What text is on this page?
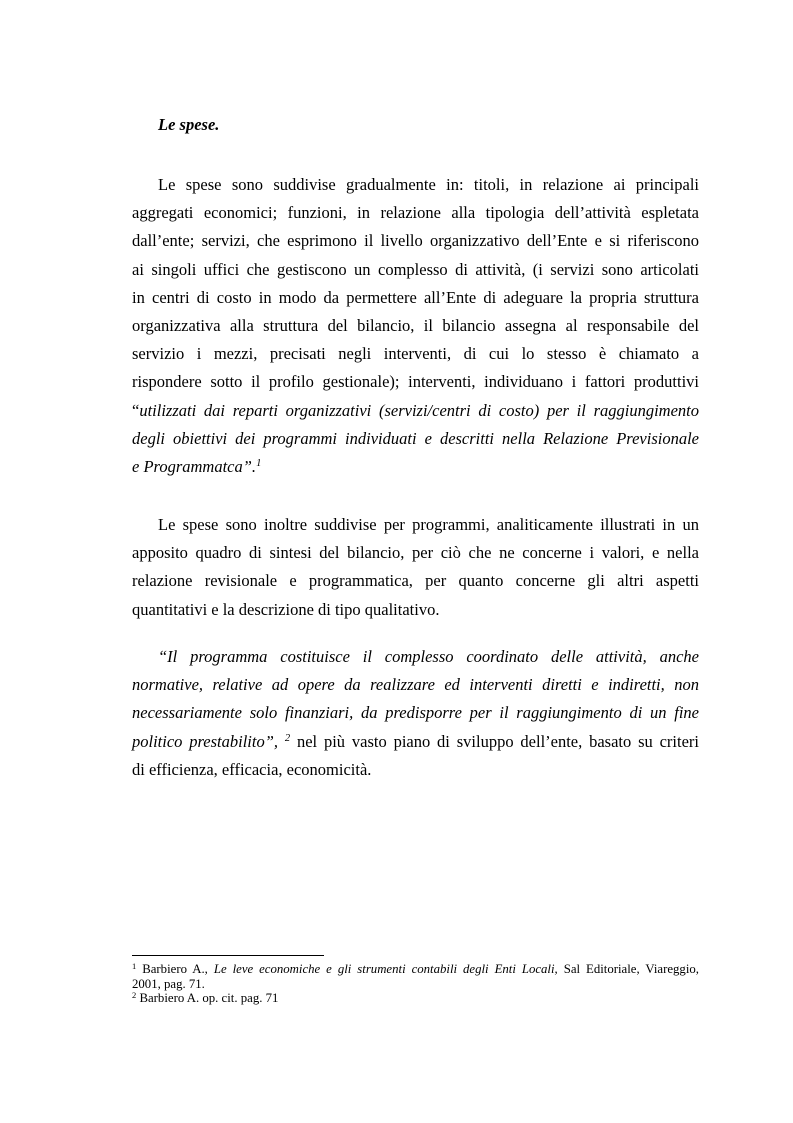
Le spese.

Le spese sono suddivise gradualmente in: titoli, in relazione ai principali
aggregati economici; funzioni, in relazione alla tipologia dell’attività espletata
dall’ente; servizi, che esprimono il livello organizzativo dell’Ente e si riferiscono
ai singoli uffici che gestiscono un complesso di attività, (i servizi sono articolati
in centri di costo in modo da permettere all’Ente di adeguare la propria struttura
organizzativa alla struttura del bilancio, il bilancio assegna al responsabile del
servizio i mezzi, precisati negli interventi, di cui lo stesso è chiamato a
rispondere sotto il profilo gestionale); interventi, individuano i fattori produttivi
“utilizzati dai reparti organizzativi (servizi/centri di costo) per il raggiungimento
degli obiettivi dei programmi individuati e descritti nella Relazione Previsionale
e Programmatca”.$^1$

Le spese sono inoltre suddivise per programmi, analiticamente illustrati in un
apposito quadro di sintesi del bilancio, per ciò che ne concerne i valori, e nella
relazione revisionale e programmatica, per quanto concerne gli altri aspetti
quantitativi e la descrizione di tipo qualitativo.

“Il programma costituisce il complesso coordinato delle attività, anche
normative, relative ad opere da realizzare ed interventi diretti e indiretti, non
necessariamente solo finanziari, da predisporre per il raggiungimento di un fine
politico prestabilito”, $^2$ nel più vasto piano di sviluppo dell’ente, basato su criteri
di efficienza, efficacia, economicità.

$^1$ Barbiero A., Le leve economiche e gli strumenti contabili degli Enti Locali, Sal Editoriale, Viareggio,
2001, pag. 71.
$^2$ Barbiero A. op. cit. pag. 71
